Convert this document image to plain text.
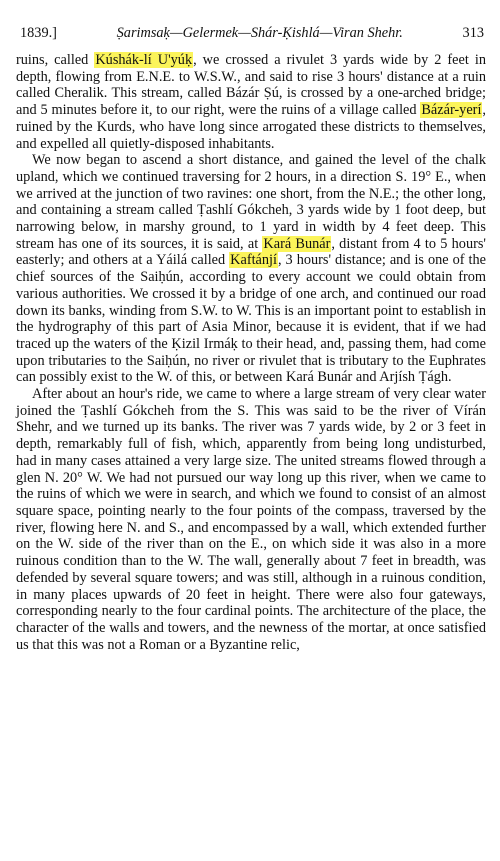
1839.]	Ṣarimsaḳ—Gelermek—Shár-Ḳishlá—Viran Shehr.	313

ruins, called Kúshák-lí U'yúḳ, we crossed a rivulet 3 yards wide by 2 feet in depth, flowing from E.N.E. to W.S.W., and said to rise 3 hours' distance at a ruin called Cheralik. This stream, called Bázár Ṣú, is crossed by a one-arched bridge; and 5 minutes before it, to our right, were the ruins of a village called Bázár-yerí, ruined by the Kurds, who have long since arrogated these districts to themselves, and expelled all quietly-disposed inhabitants.

We now began to ascend a short distance, and gained the level of the chalk upland, which we continued traversing for 2 hours, in a direction S. 19° E., when we arrived at the junction of two ravines: one short, from the N.E.; the other long, and containing a stream called Ṭashlí Gókcheh, 3 yards wide by 1 foot deep, but narrowing below, in marshy ground, to 1 yard in width by 4 feet deep. This stream has one of its sources, it is said, at Kará Bunár, distant from 4 to 5 hours' easterly; and others at a Yáilá called Kaftánjí, 3 hours' distance; and is one of the chief sources of the Saiḥún, according to every account we could obtain from various authorities. We crossed it by a bridge of one arch, and continued our road down its banks, winding from S.W. to W. This is an important point to establish in the hydrography of this part of Asia Minor, because it is evident, that if we had traced up the waters of the Ḳizil Irmáḳ to their head, and, passing them, had come upon tributaries to the Saiḥún, no river or rivulet that is tributary to the Euphrates can possibly exist to the W. of this, or between Kará Bunár and Arjísh Ṭágh.

After about an hour's ride, we came to where a large stream of very clear water joined the Ṭashlí Gókcheh from the S. This was said to be the river of Vírán Shehr, and we turned up its banks. The river was 7 yards wide, by 2 or 3 feet in depth, remarkably full of fish, which, apparently from being long undisturbed, had in many cases attained a very large size. The united streams flowed through a glen N. 20° W. We had not pursued our way long up this river, when we came to the ruins of which we were in search, and which we found to consist of an almost square space, pointing nearly to the four points of the compass, traversed by the river, flowing here N. and S., and encompassed by a wall, which extended further on the W. side of the river than on the E., on which side it was also in a more ruinous condition than to the W. The wall, generally about 7 feet in breadth, was defended by several square towers; and was still, although in a ruinous condition, in many places upwards of 20 feet in height. There were also four gateways, corresponding nearly to the four cardinal points. The architecture of the place, the character of the walls and towers, and the newness of the mortar, at once satisfied us that this was not a Roman or a Byzantine relic,
